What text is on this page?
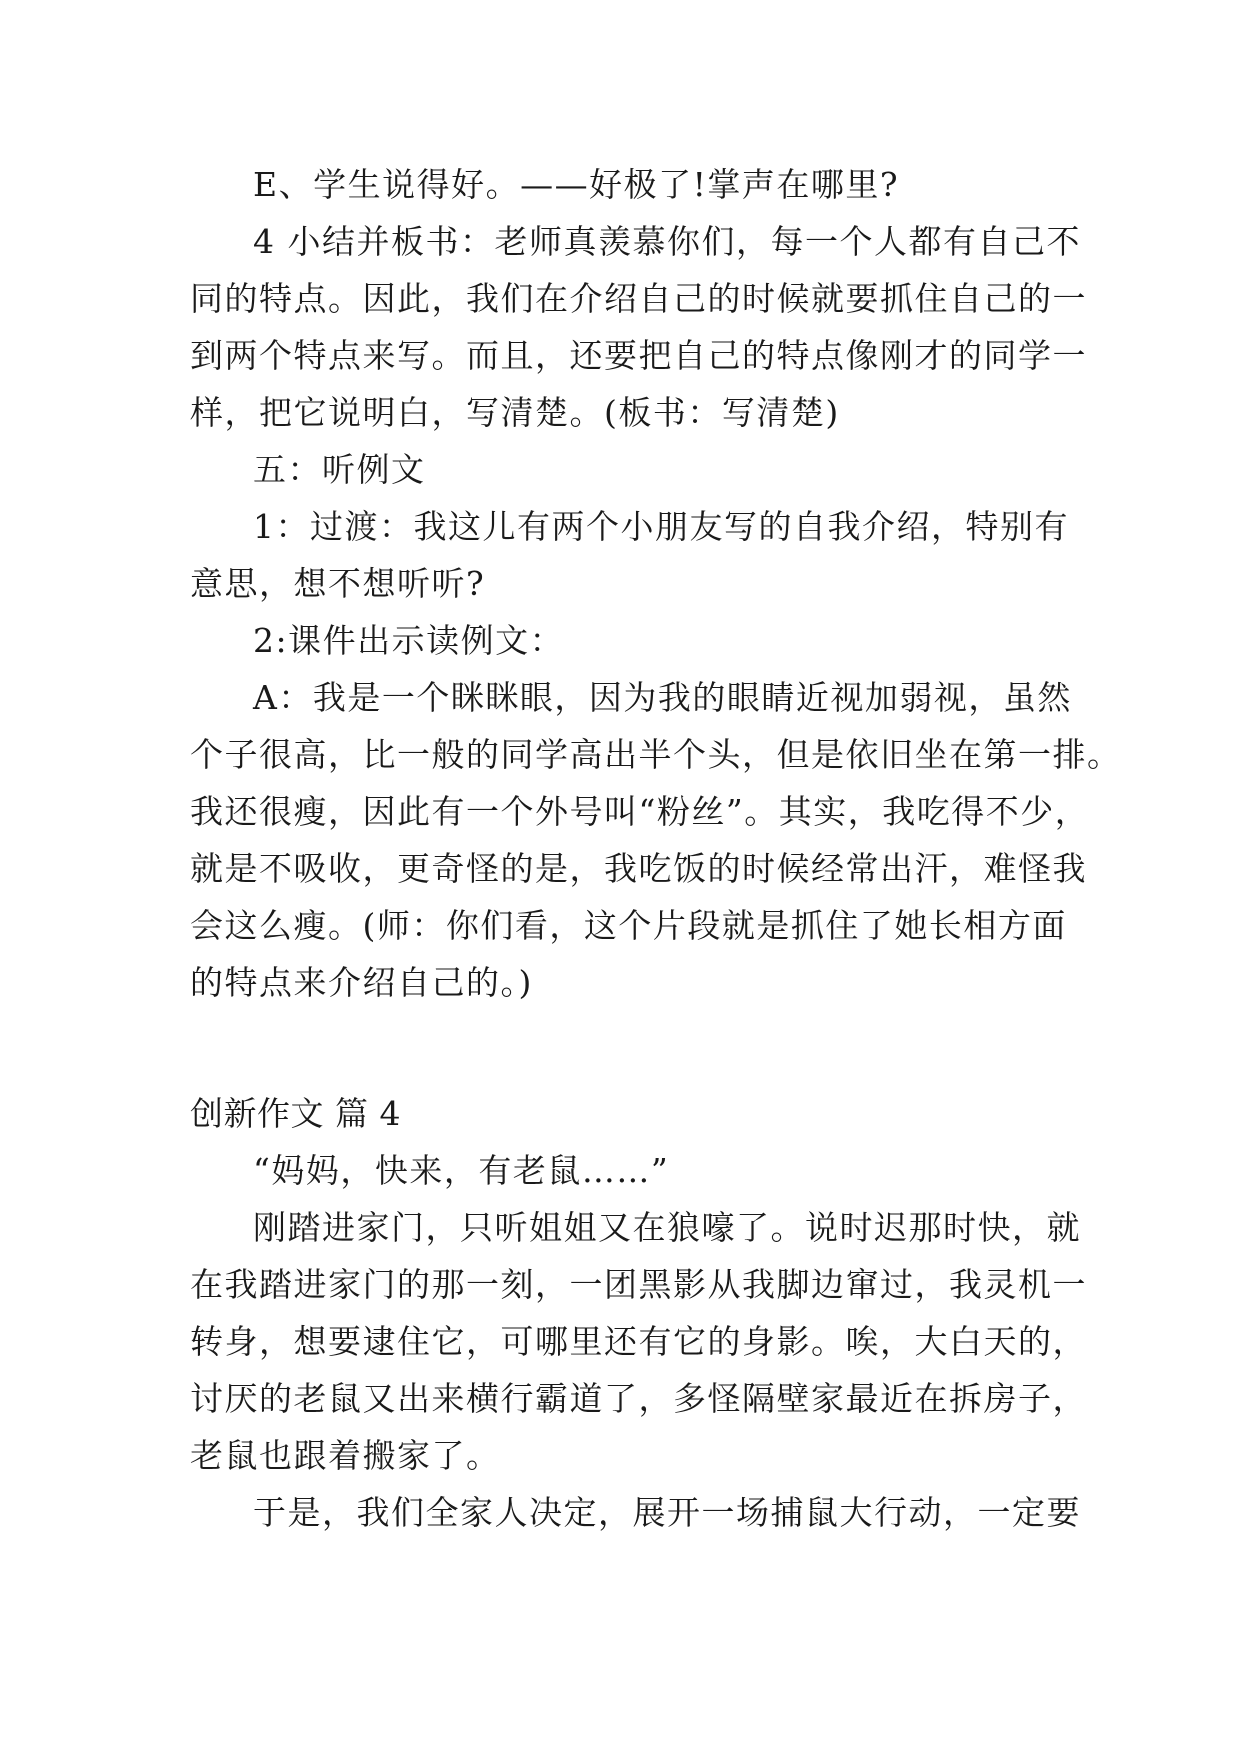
E、学生说得好。——好极了!掌声在哪里?
4 小结并板书：老师真羡慕你们，每一个人都有自己不
同的特点。因此，我们在介绍自己的时候就要抓住自己的一
到两个特点来写。而且，还要把自己的特点像刚才的同学一
样，把它说明白，写清楚。(板书：写清楚)
五：听例文
1：过渡：我这儿有两个小朋友写的自我介绍，特别有
意思，想不想听听?
2:课件出示读例文：
A：我是一个眯眯眼，因为我的眼睛近视加弱视，虽然
个子很高，比一般的同学高出半个头，但是依旧坐在第一排。
我还很瘦，因此有一个外号叫“粉丝”。其实，我吃得不少，
就是不吸收，更奇怪的是，我吃饭的时候经常出汗，难怪我
会这么瘦。(师：你们看，这个片段就是抓住了她长相方面
的特点来介绍自己的。)
创新作文 篇 4
“妈妈，快来，有老鼠……”
刚踏进家门，只听姐姐又在狼嚎了。说时迟那时快，就
在我踏进家门的那一刻，一团黑影从我脚边窜过，我灵机一
转身，想要逮住它，可哪里还有它的身影。唉，大白天的，
讨厌的老鼠又出来横行霸道了，多怪隔壁家最近在拆房子，
老鼠也跟着搬家了。
于是，我们全家人决定，展开一场捕鼠大行动，一定要
